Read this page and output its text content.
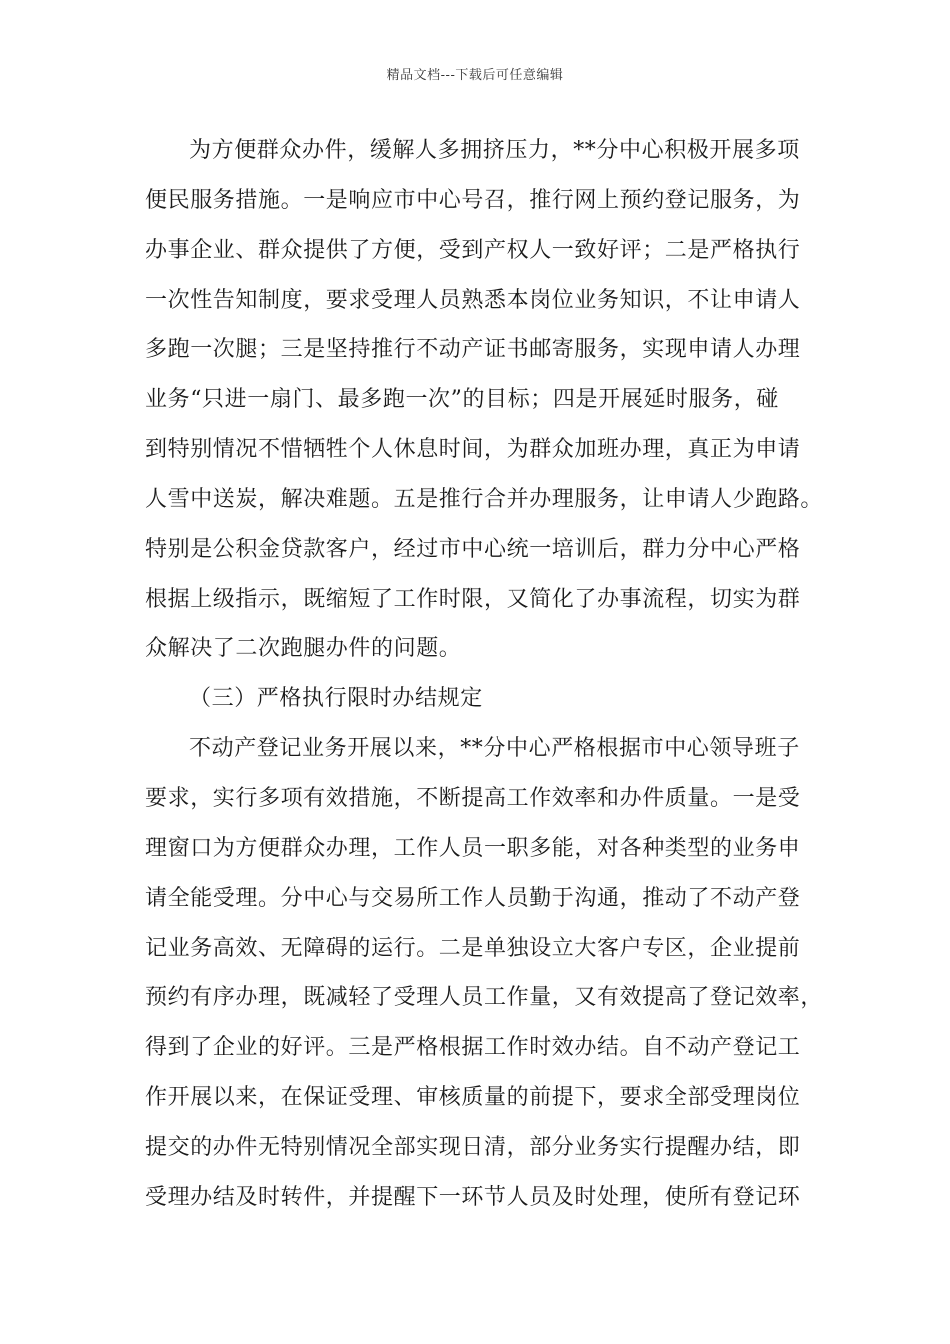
精品文档---下载后可任意编辑
为方便群众办件，缓解人多拥挤压力，**分中心积极开展多项
便民服务措施。一是响应市中心号召，推行网上预约登记服务，为
办事企业、群众提供了方便，受到产权人一致好评；二是严格执行
一次性告知制度，要求受理人员熟悉本岗位业务知识，不让申请人
多跑一次腿；三是坚持推行不动产证书邮寄服务，实现申请人办理
业务“只进一扇门、最多跑一次”的目标；四是开展延时服务，碰
到特别情况不惜牺牲个人休息时间，为群众加班办理，真正为申请
人雪中送炭，解决难题。五是推行合并办理服务，让申请人少跑路。
特别是公积金贷款客户，经过市中心统一培训后，群力分中心严格
根据上级指示，既缩短了工作时限，又简化了办事流程，切实为群
众解决了二次跑腿办件的问题。
（三）严格执行限时办结规定
不动产登记业务开展以来，**分中心严格根据市中心领导班子
要求，实行多项有效措施，不断提高工作效率和办件质量。一是受
理窗口为方便群众办理，工作人员一职多能，对各种类型的业务申
请全能受理。分中心与交易所工作人员勤于沟通，推动了不动产登
记业务高效、无障碍的运行。二是单独设立大客户专区，企业提前
预约有序办理，既减轻了受理人员工作量，又有效提高了登记效率，
得到了企业的好评。三是严格根据工作时效办结。自不动产登记工
作开展以来，在保证受理、审核质量的前提下，要求全部受理岗位
提交的办件无特别情况全部实现日清，部分业务实行提醒办结，即
受理办结及时转件，并提醒下一环节人员及时处理，使所有登记环
